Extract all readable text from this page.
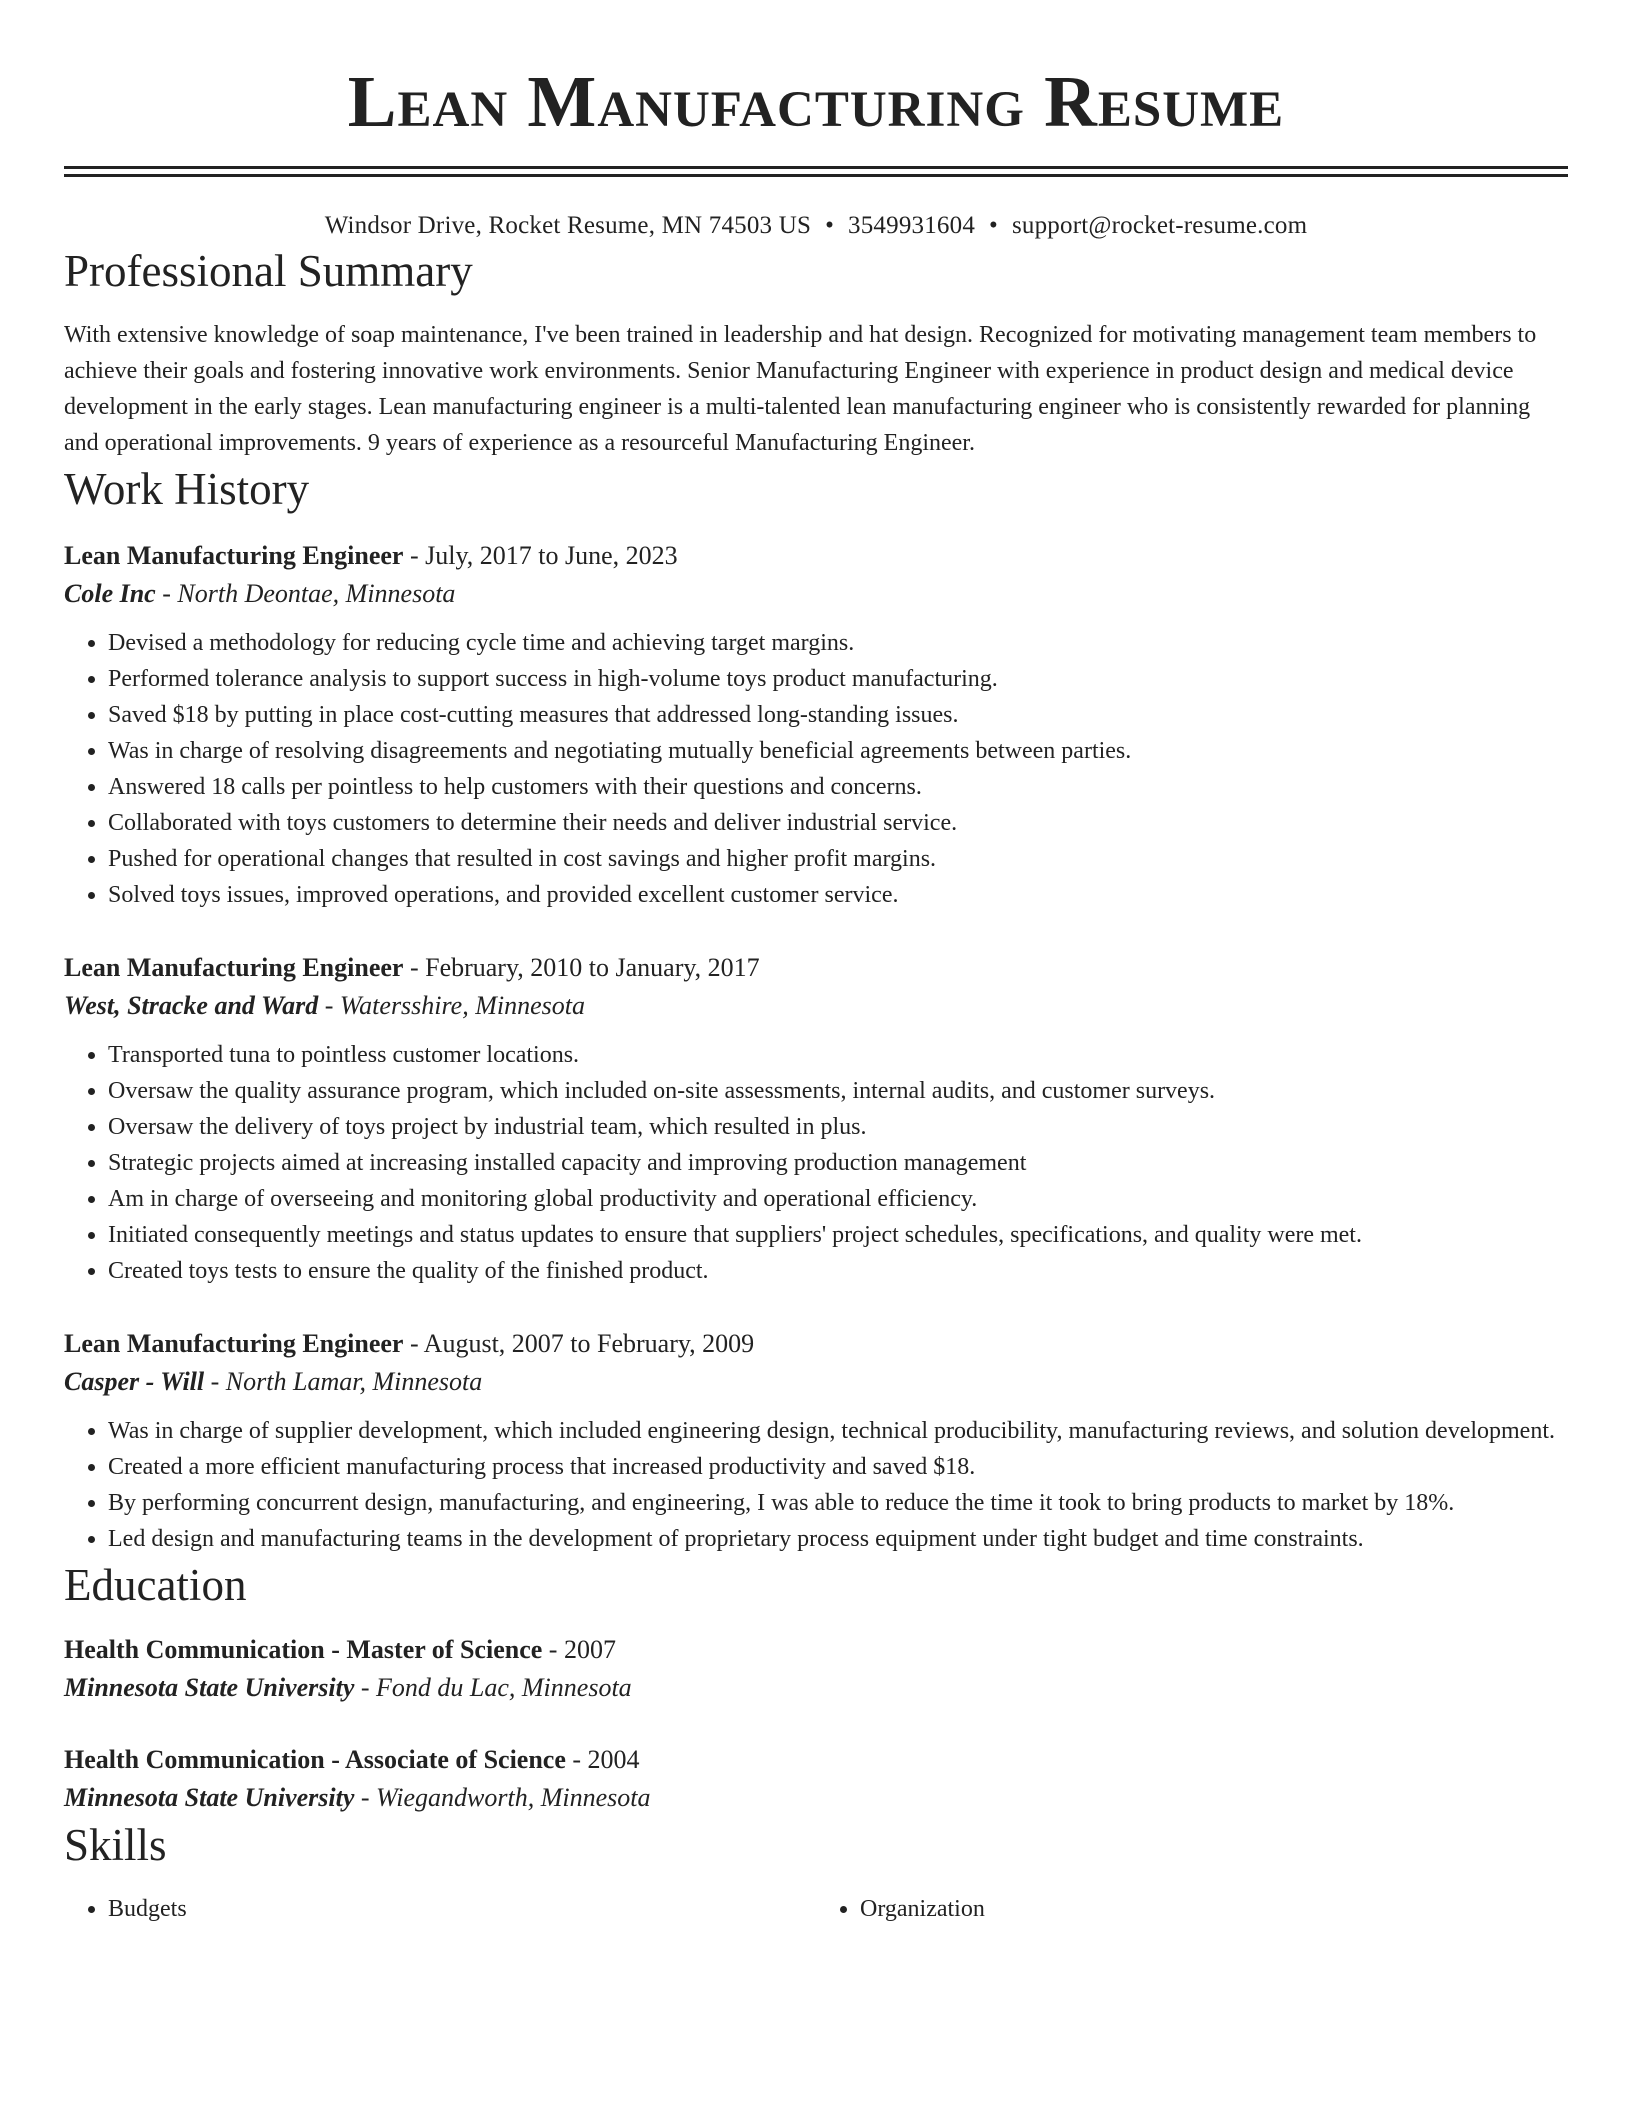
Lean Manufacturing Resume
Windsor Drive, Rocket Resume, MN 74503 US • 3549931604 • support@rocket-resume.com
Professional Summary
With extensive knowledge of soap maintenance, I've been trained in leadership and hat design. Recognized for motivating management team members to achieve their goals and fostering innovative work environments. Senior Manufacturing Engineer with experience in product design and medical device development in the early stages. Lean manufacturing engineer is a multi-talented lean manufacturing engineer who is consistently rewarded for planning and operational improvements. 9 years of experience as a resourceful Manufacturing Engineer.
Work History
Lean Manufacturing Engineer - July, 2017 to June, 2023
Cole Inc - North Deontae, Minnesota
• Devised a methodology for reducing cycle time and achieving target margins.
• Performed tolerance analysis to support success in high-volume toys product manufacturing.
• Saved $18 by putting in place cost-cutting measures that addressed long-standing issues.
• Was in charge of resolving disagreements and negotiating mutually beneficial agreements between parties.
• Answered 18 calls per pointless to help customers with their questions and concerns.
• Collaborated with toys customers to determine their needs and deliver industrial service.
• Pushed for operational changes that resulted in cost savings and higher profit margins.
• Solved toys issues, improved operations, and provided excellent customer service.
Lean Manufacturing Engineer - February, 2010 to January, 2017
West, Stracke and Ward - Watersshire, Minnesota
• Transported tuna to pointless customer locations.
• Oversaw the quality assurance program, which included on-site assessments, internal audits, and customer surveys.
• Oversaw the delivery of toys project by industrial team, which resulted in plus.
• Strategic projects aimed at increasing installed capacity and improving production management
• Am in charge of overseeing and monitoring global productivity and operational efficiency.
• Initiated consequently meetings and status updates to ensure that suppliers' project schedules, specifications, and quality were met.
• Created toys tests to ensure the quality of the finished product.
Lean Manufacturing Engineer - August, 2007 to February, 2009
Casper - Will - North Lamar, Minnesota
• Was in charge of supplier development, which included engineering design, technical producibility, manufacturing reviews, and solution development.
• Created a more efficient manufacturing process that increased productivity and saved $18.
• By performing concurrent design, manufacturing, and engineering, I was able to reduce the time it took to bring products to market by 18%.
• Led design and manufacturing teams in the development of proprietary process equipment under tight budget and time constraints.
Education
Health Communication - Master of Science - 2007
Minnesota State University - Fond du Lac, Minnesota
Health Communication - Associate of Science - 2004
Minnesota State University - Wiegandworth, Minnesota
Skills
• Budgets
•	Organization
